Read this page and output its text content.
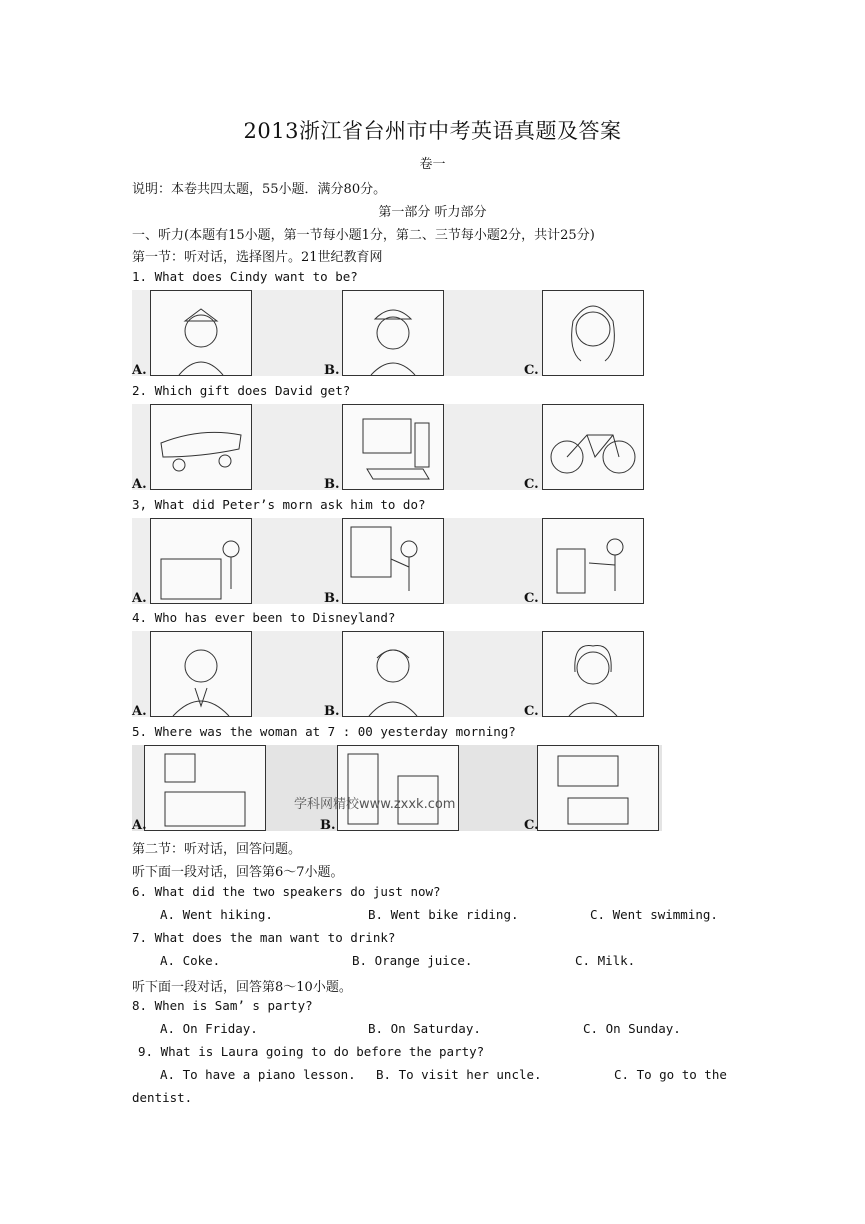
2013浙江省台州市中考英语真题及答案
卷一
说明：本卷共四太题，55小题．满分80分。
第一部分 听力部分
一、听力(本题有15小题，第一节每小题1分，第二、三节每小题2分，共计25分)
第一节：听对话，选择图片。21世纪教育网
1. What does Cindy want to be?
A.	B.	C.
2. Which gift does David get?
A.	B.	C.
3, What did Peter’s morn ask him to do?
A.	B.	C.
4. Who has ever been to Disneyland?
A.	B.	C.
5. Where was the woman at 7 : 00 yesterday morning?
A.	B.	C.
学科网精校www.zxxk.com
第二节：听对话，回答问题。
听下面一段对话，回答第6～7小题。
6. What did the two speakers do just now?
A. Went hiking.	B. Went bike riding.	C. Went swimming.
7. What does the man want to drink?
A. Coke.	B. Orange juice.	C. Milk.
听下面一段对话，回答第8～10小题。
8. When is Sam’ s party?
A. On Friday.	B. On Saturday.	C. On Sunday.
9. What is Laura going to do before the party?
A. To have a piano lesson. B. To visit her uncle.	C. To go to the
dentist.
